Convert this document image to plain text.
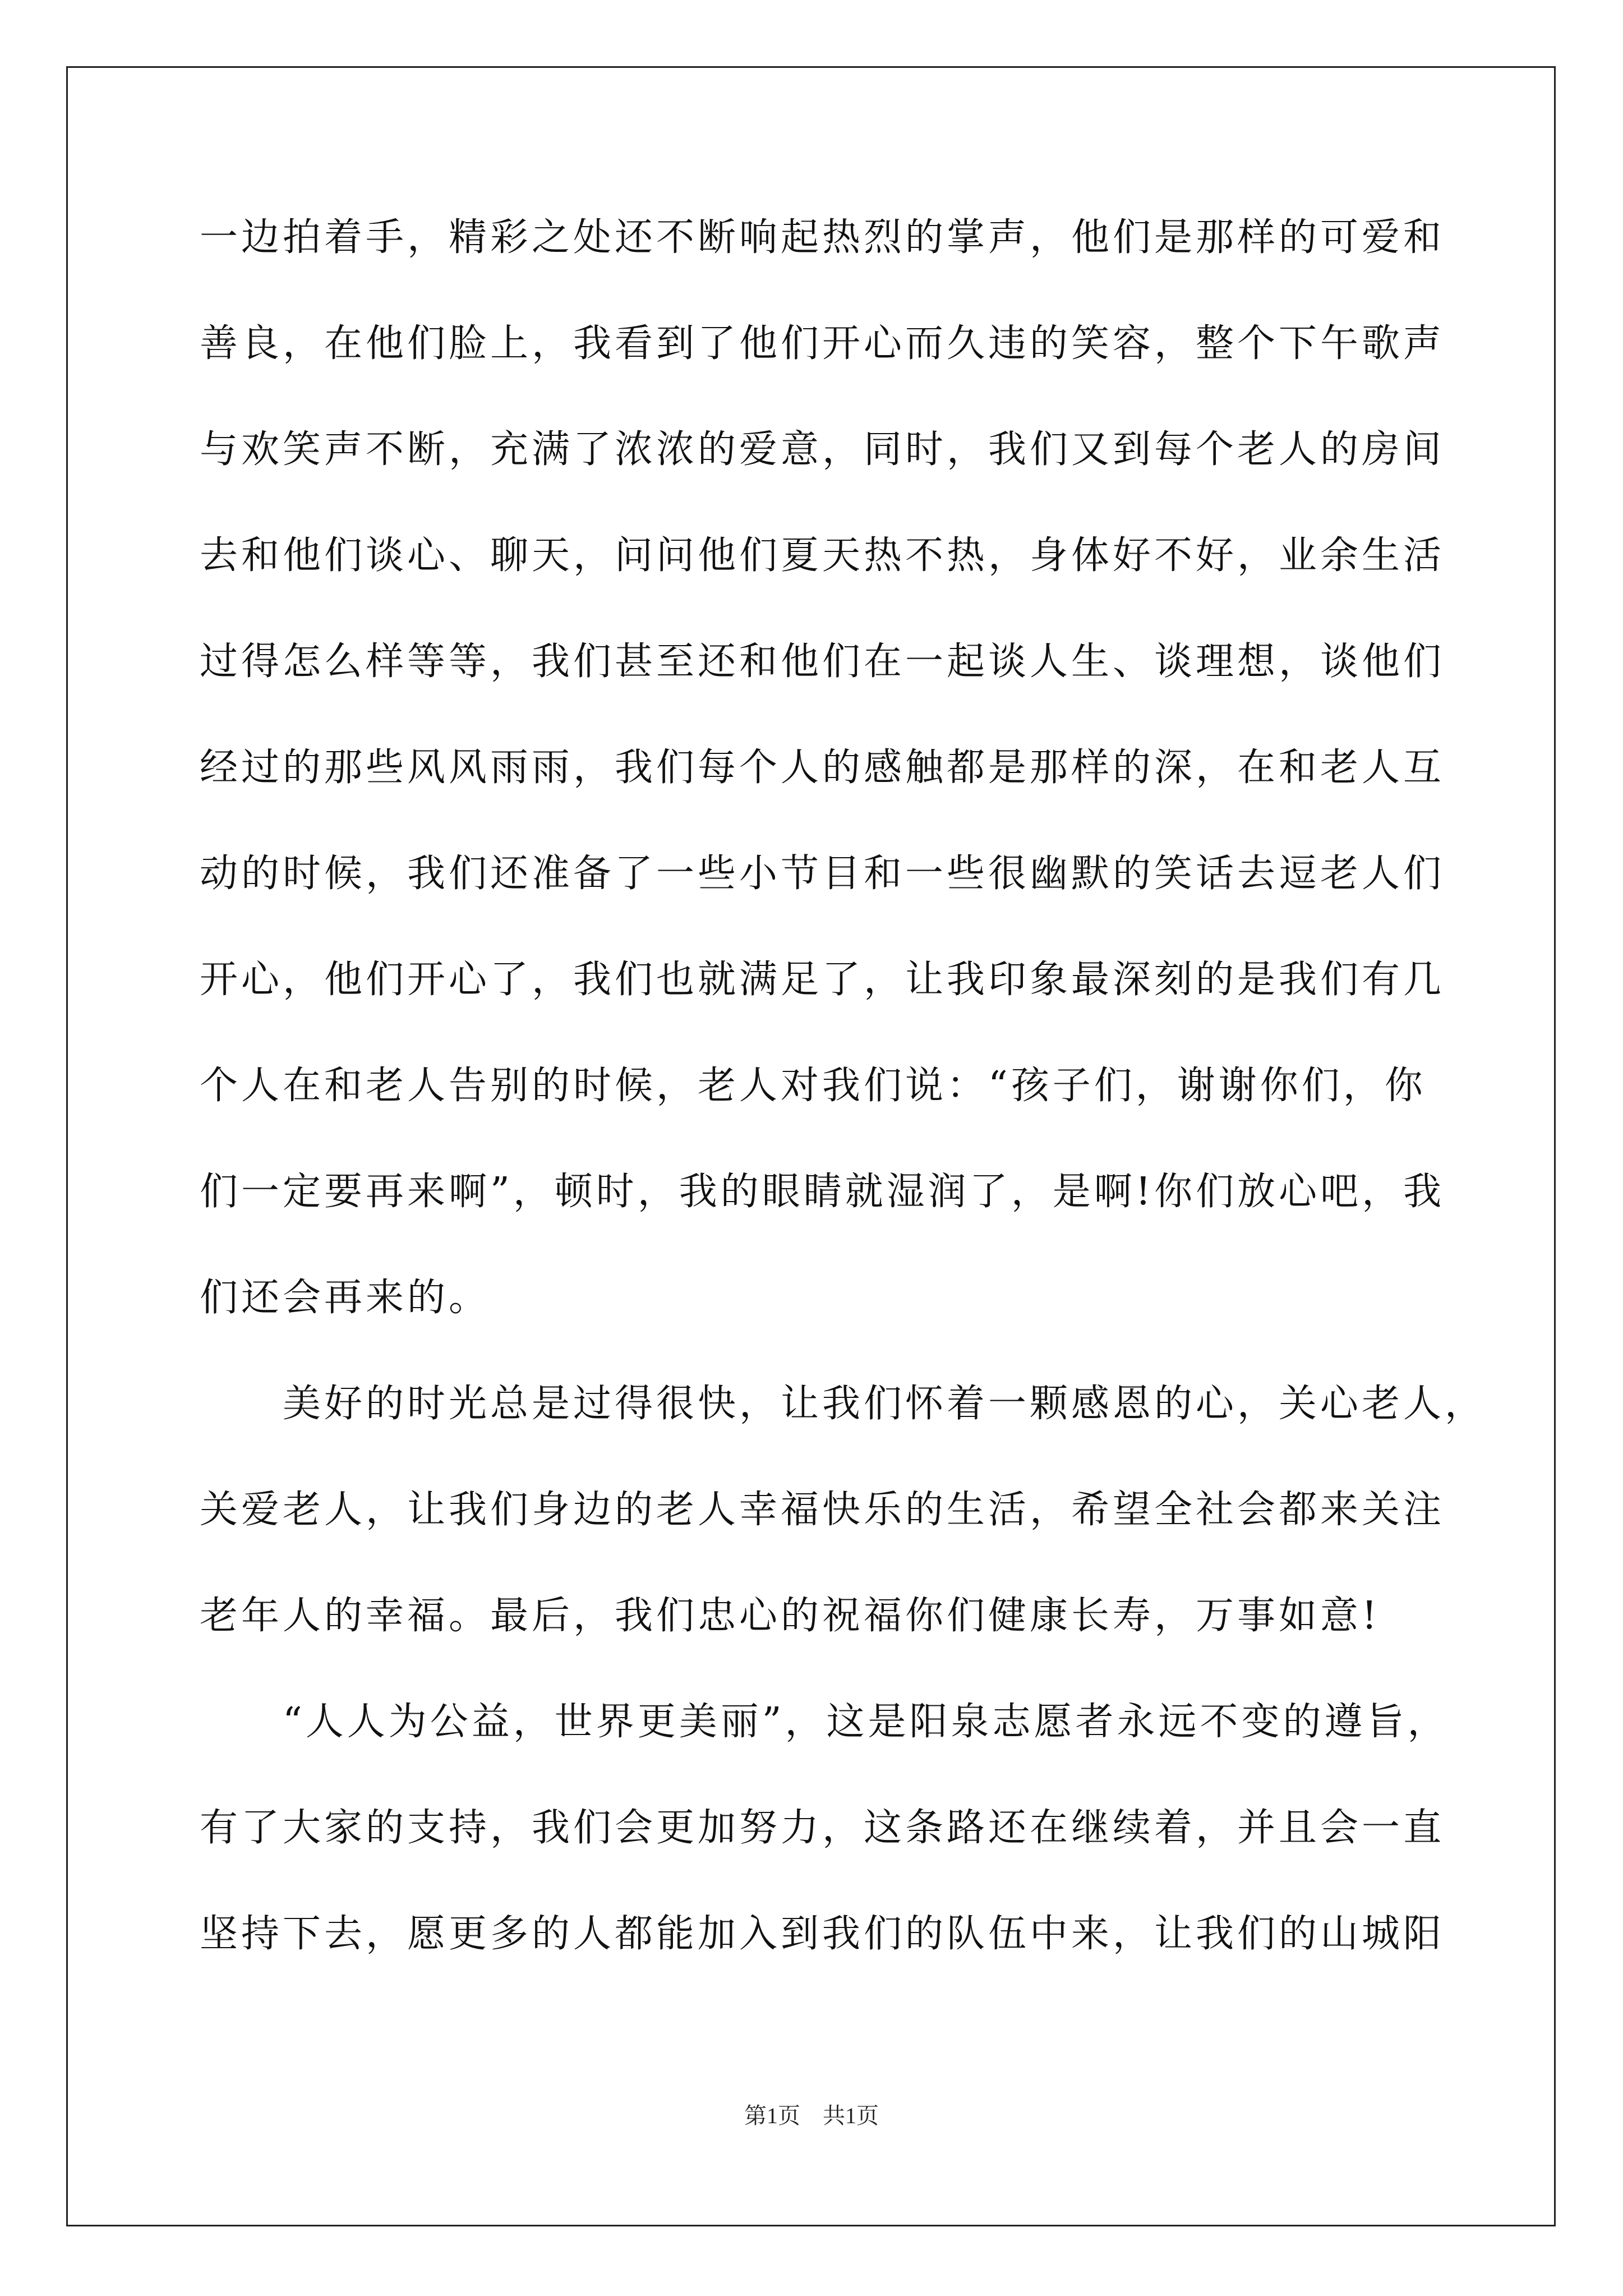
一边拍着手，精彩之处还不断响起热烈的掌声，他们是那样的可爱和
善良，在他们脸上，我看到了他们开心而久违的笑容，整个下午歌声
与欢笑声不断，充满了浓浓的爱意，同时，我们又到每个老人的房间
去和他们谈心、聊天，问问他们夏天热不热，身体好不好，业余生活
过得怎么样等等，我们甚至还和他们在一起谈人生、谈理想，谈他们
经过的那些风风雨雨，我们每个人的感触都是那样的深，在和老人互
动的时候，我们还准备了一些小节目和一些很幽默的笑话去逗老人们
开心，他们开心了，我们也就满足了，让我印象最深刻的是我们有几
个人在和老人告别的时候，老人对我们说：“孩子们，谢谢你们，你
们一定要再来啊”，顿时，我的眼睛就湿润了，是啊!你们放心吧，我
们还会再来的。
　　美好的时光总是过得很快，让我们怀着一颗感恩的心，关心老人，
关爱老人，让我们身边的老人幸福快乐的生活，希望全社会都来关注
老年人的幸福。最后，我们忠心的祝福你们健康长寿，万事如意!
　　“人人为公益，世界更美丽”，这是阳泉志愿者永远不变的遵旨，
有了大家的支持，我们会更加努力，这条路还在继续着，并且会一直
坚持下去，愿更多的人都能加入到我们的队伍中来，让我们的山城阳
第1页　共1页
